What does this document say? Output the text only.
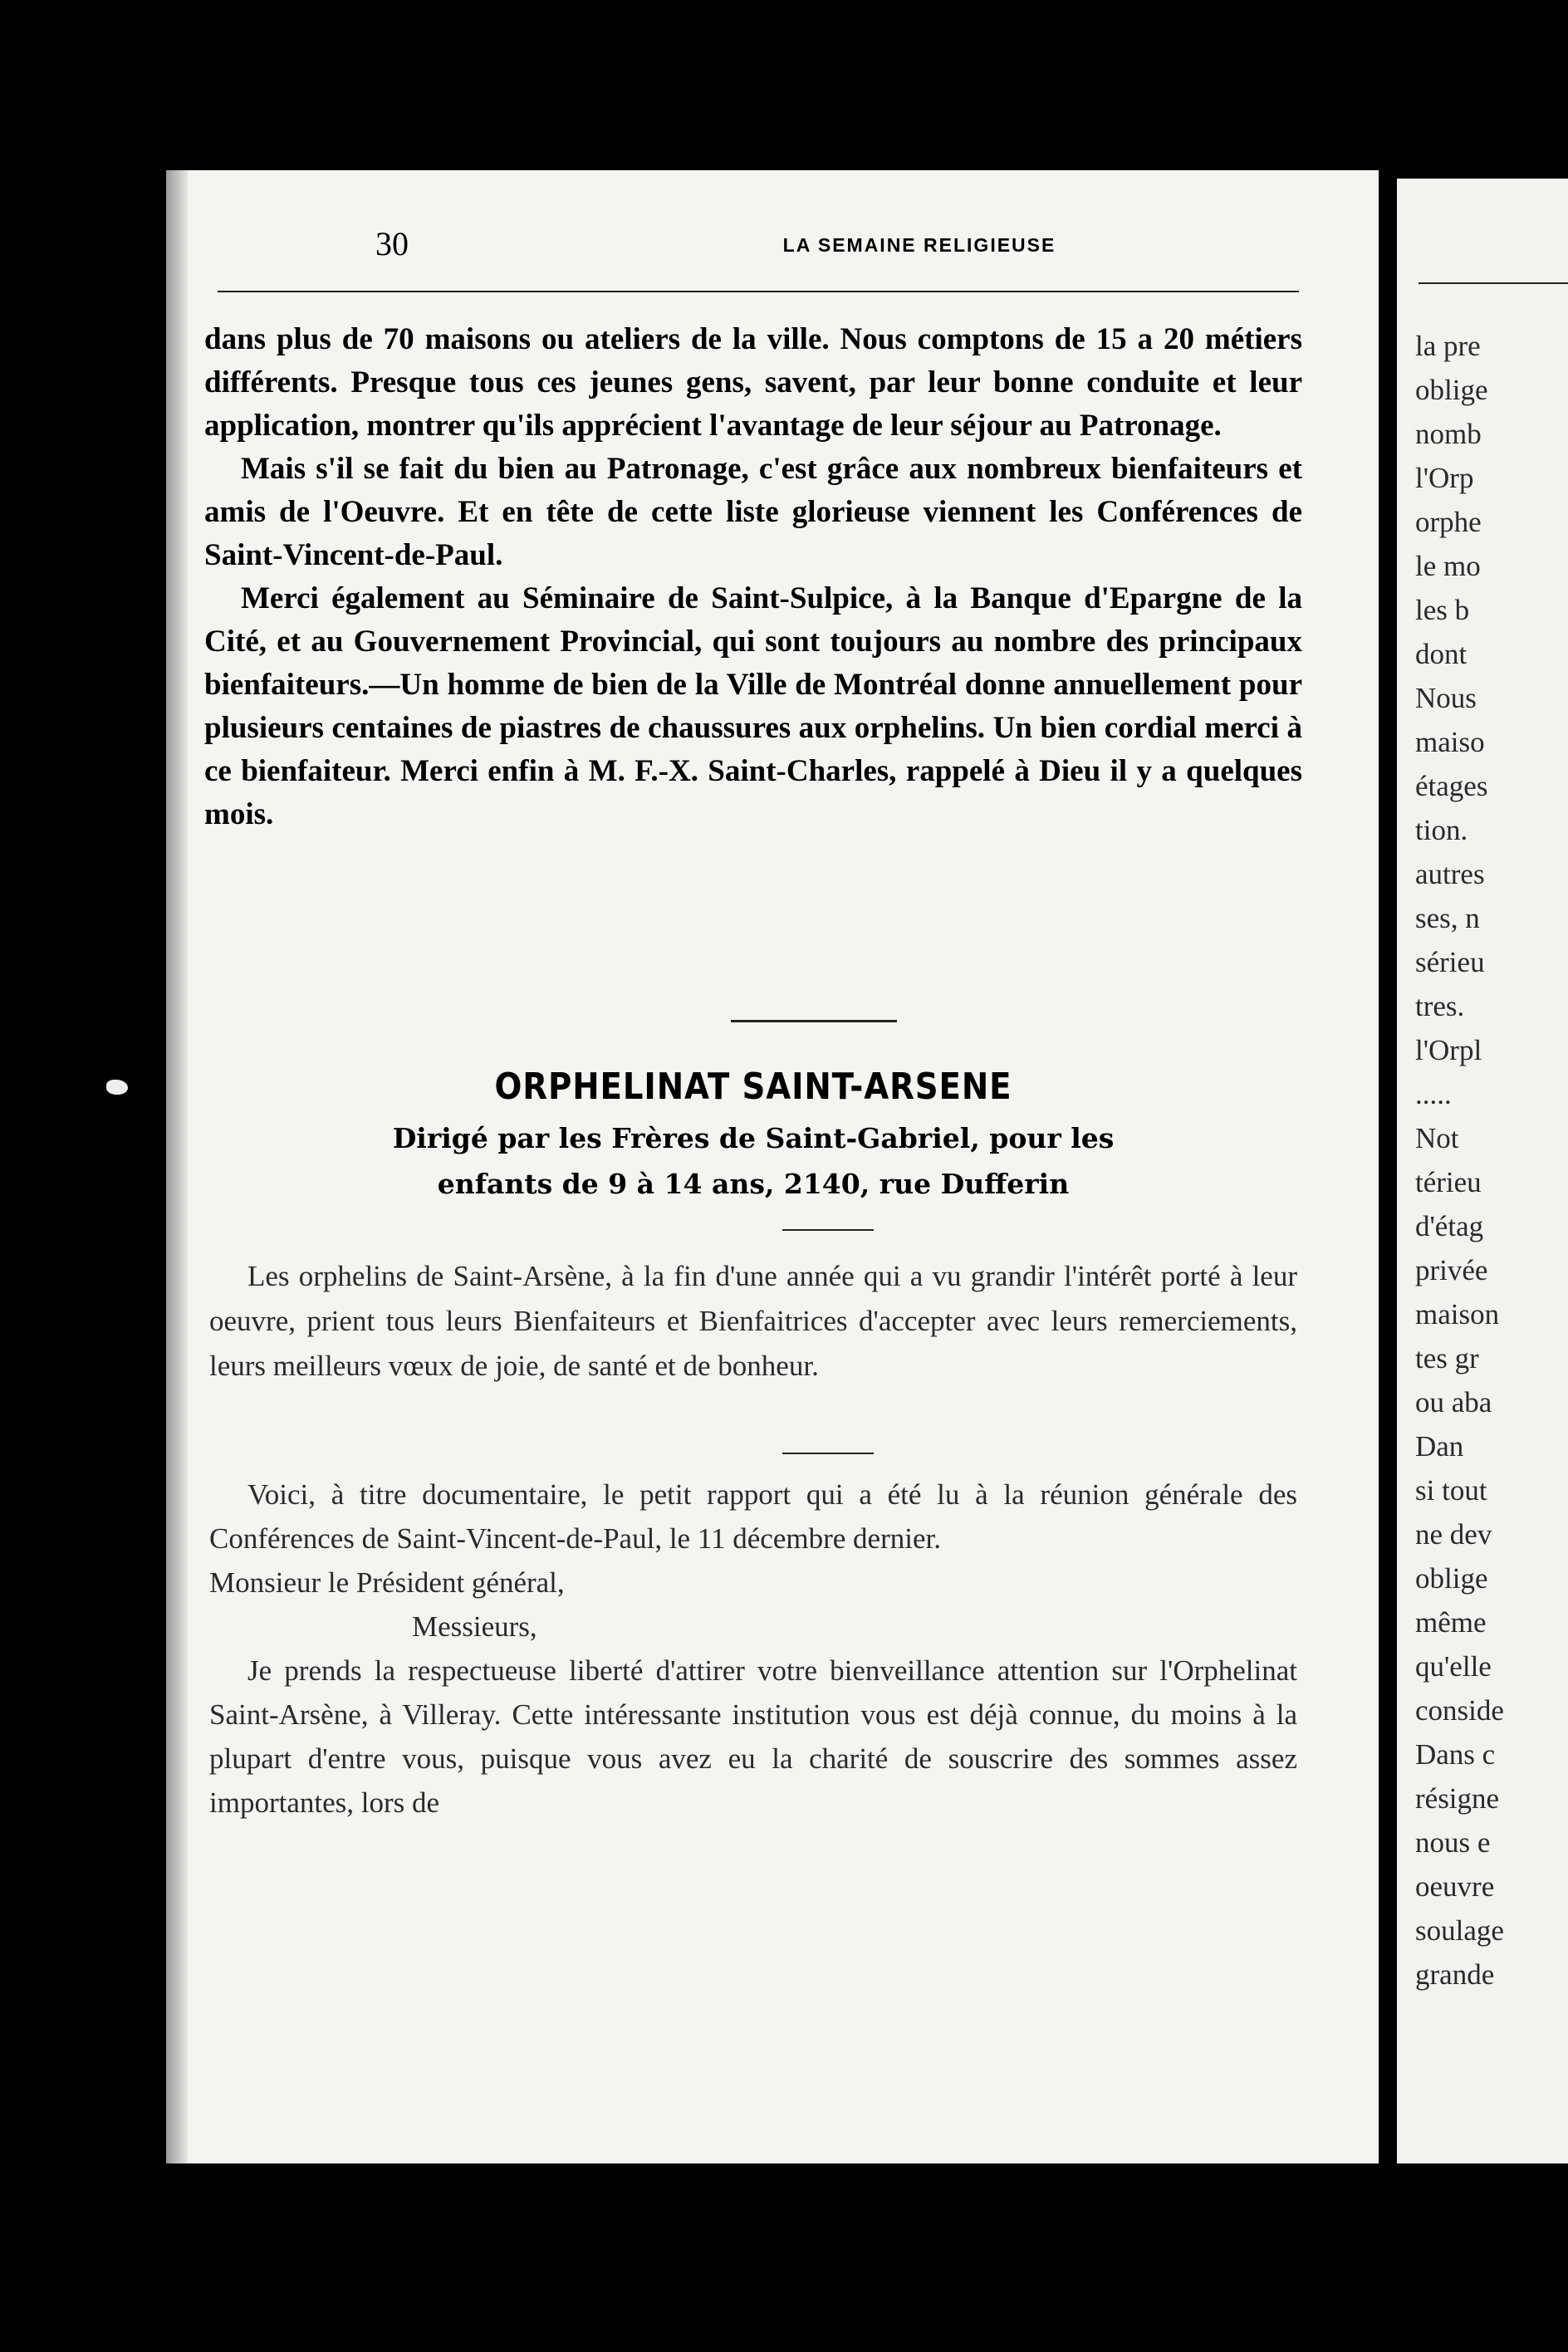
la pre
oblige
nomb
l'Orp
orphe
le mo
les b
dont
Nous
maiso
étages
tion.
autres
ses, n
sérieu
tres.
l'Orpl
.....
Not
térieu
d'étag
privée
maison
tes gr
ou aba
Dan
si tout
ne dev
oblige
même
qu'elle
conside
Dans c
résigne
nous e
oeuvre
soulage
grande
30	LA SEMAINE RELIGIEUSE

dans plus de 70 maisons ou ateliers de la ville. Nous comptons de 15 a 20 métiers différents. Presque tous ces jeunes gens, savent, par leur bonne conduite et leur application, montrer qu'ils apprécient l'avantage de leur séjour au Patronage.

Mais s'il se fait du bien au Patronage, c'est grâce aux nombreux bienfaiteurs et amis de l'Oeuvre. Et en tête de cette liste glorieuse viennent les Conférences de Saint-Vincent-de-Paul.

Merci également au Séminaire de Saint-Sulpice, à la Banque d'Epargne de la Cité, et au Gouvernement Provincial, qui sont toujours au nombre des principaux bienfaiteurs.—Un homme de bien de la Ville de Montréal donne annuellement pour plusieurs centaines de piastres de chaussures aux orphelins. Un bien cordial merci à ce bienfaiteur. Merci enfin à M. F.-X. Saint-Charles, rappelé à Dieu il y a quelques mois.

ORPHELINAT SAINT-ARSENE
Dirigé par les Frères de Saint-Gabriel, pour les
enfants de 9 à 14 ans, 2140, rue Dufferin

Les orphelins de Saint-Arsène, à la fin d'une année qui a vu grandir l'intérêt porté à leur oeuvre, prient tous leurs Bienfaiteurs et Bienfaitrices d'accepter avec leurs remerciements, leurs meilleurs vœux de joie, de santé et de bonheur.

Voici, à titre documentaire, le petit rapport qui a été lu à la réunion générale des Conférences de Saint-Vincent-de-Paul, le 11 décembre dernier.

Monsieur le Président général,

Messieurs,

Je prends la respectueuse liberté d'attirer votre bienveillance attention sur l'Orphelinat Saint-Arsène, à Villeray. Cette intéressante institution vous est déjà connue, du moins à la plupart d'entre vous, puisque vous avez eu la charité de souscrire des sommes assez importantes, lors de
